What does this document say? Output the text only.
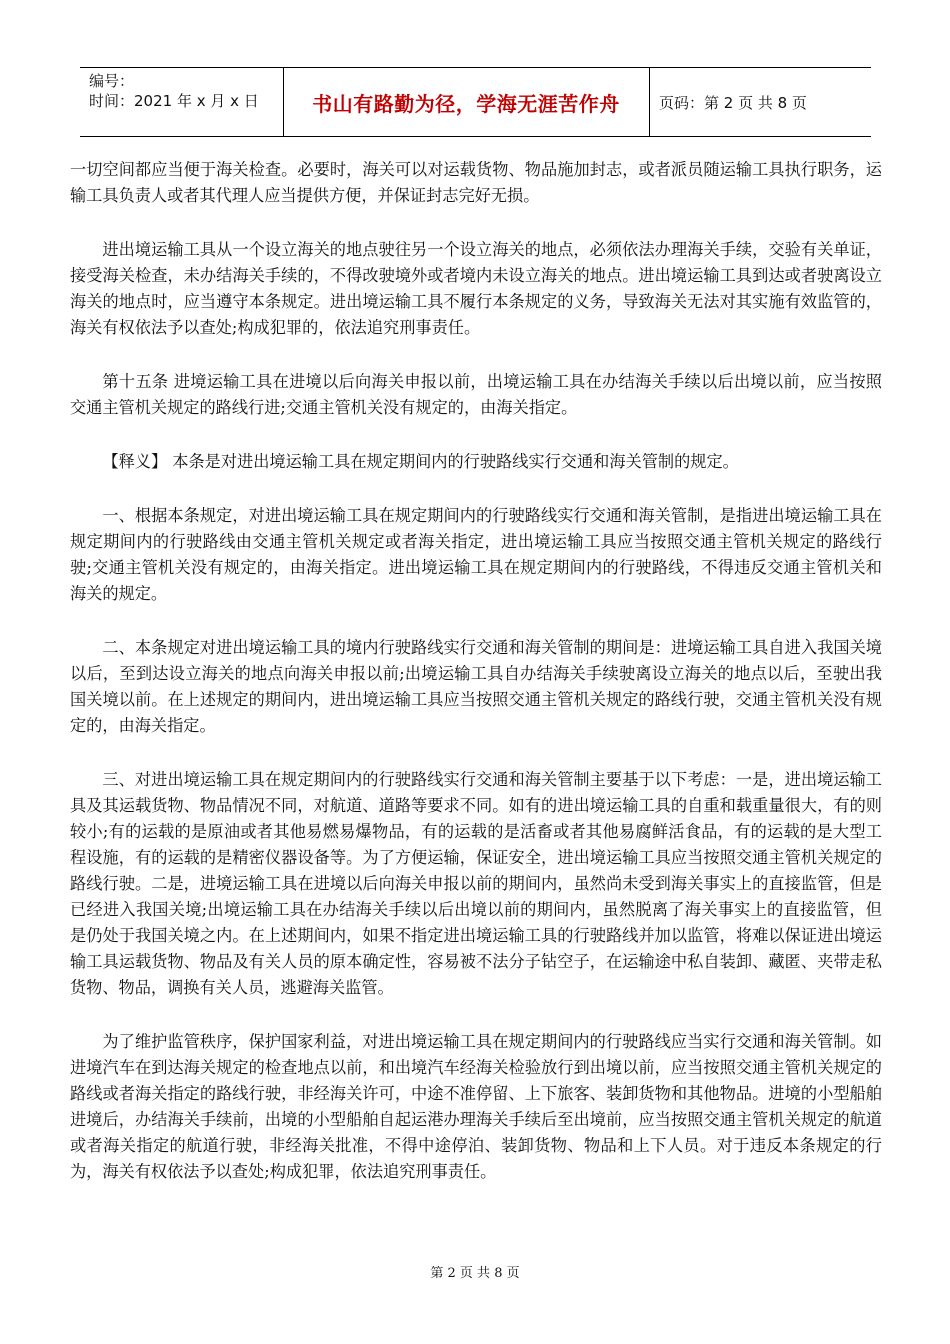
编号：
时间：2021 年 x 月 x 日	书山有路勤为径，学海无涯苦作舟	页码：第 2 页 共 8 页

一切空间都应当便于海关检查。必要时，海关可以对运载货物、物品施加封志，或者派员随运输工具执行职务，运输工具负责人或者其代理人应当提供方便，并保证封志完好无损。

进出境运输工具从一个设立海关的地点驶往另一个设立海关的地点，必须依法办理海关手续，交验有关单证，接受海关检查，未办结海关手续的，不得改驶境外或者境内未设立海关的地点。进出境运输工具到达或者驶离设立海关的地点时，应当遵守本条规定。进出境运输工具不履行本条规定的义务，导致海关无法对其实施有效监管的，海关有权依法予以查处;构成犯罪的，依法追究刑事责任。

第十五条 进境运输工具在进境以后向海关申报以前，出境运输工具在办结海关手续以后出境以前，应当按照交通主管机关规定的路线行进;交通主管机关没有规定的，由海关指定。

【释义】 本条是对进出境运输工具在规定期间内的行驶路线实行交通和海关管制的规定。

一、根据本条规定，对进出境运输工具在规定期间内的行驶路线实行交通和海关管制，是指进出境运输工具在规定期间内的行驶路线由交通主管机关规定或者海关指定，进出境运输工具应当按照交通主管机关规定的路线行驶;交通主管机关没有规定的，由海关指定。进出境运输工具在规定期间内的行驶路线，不得违反交通主管机关和海关的规定。

二、本条规定对进出境运输工具的境内行驶路线实行交通和海关管制的期间是：进境运输工具自进入我国关境以后，至到达设立海关的地点向海关申报以前;出境运输工具自办结海关手续驶离设立海关的地点以后，至驶出我国关境以前。在上述规定的期间内，进出境运输工具应当按照交通主管机关规定的路线行驶，交通主管机关没有规定的，由海关指定。

三、对进出境运输工具在规定期间内的行驶路线实行交通和海关管制主要基于以下考虑：一是，进出境运输工具及其运载货物、物品情况不同，对航道、道路等要求不同。如有的进出境运输工具的自重和载重量很大，有的则较小;有的运载的是原油或者其他易燃易爆物品，有的运载的是活畜或者其他易腐鲜活食品，有的运载的是大型工程设施，有的运载的是精密仪器设备等。为了方便运输，保证安全，进出境运输工具应当按照交通主管机关规定的路线行驶。二是，进境运输工具在进境以后向海关申报以前的期间内，虽然尚未受到海关事实上的直接监管，但是已经进入我国关境;出境运输工具在办结海关手续以后出境以前的期间内，虽然脱离了海关事实上的直接监管，但是仍处于我国关境之内。在上述期间内，如果不指定进出境运输工具的行驶路线并加以监管，将难以保证进出境运输工具运载货物、物品及有关人员的原本确定性，容易被不法分子钻空子，在运输途中私自装卸、藏匿、夹带走私货物、物品，调换有关人员，逃避海关监管。

为了维护监管秩序，保护国家利益，对进出境运输工具在规定期间内的行驶路线应当实行交通和海关管制。如进境汽车在到达海关规定的检查地点以前，和出境汽车经海关检验放行到出境以前，应当按照交通主管机关规定的路线或者海关指定的路线行驶，非经海关许可，中途不准停留、上下旅客、装卸货物和其他物品。进境的小型船舶进境后，办结海关手续前，出境的小型船舶自起运港办理海关手续后至出境前，应当按照交通主管机关规定的航道或者海关指定的航道行驶，非经海关批准，不得中途停泊、装卸货物、物品和上下人员。对于违反本条规定的行为，海关有权依法予以查处;构成犯罪，依法追究刑事责任。

第 2 页 共 8 页
